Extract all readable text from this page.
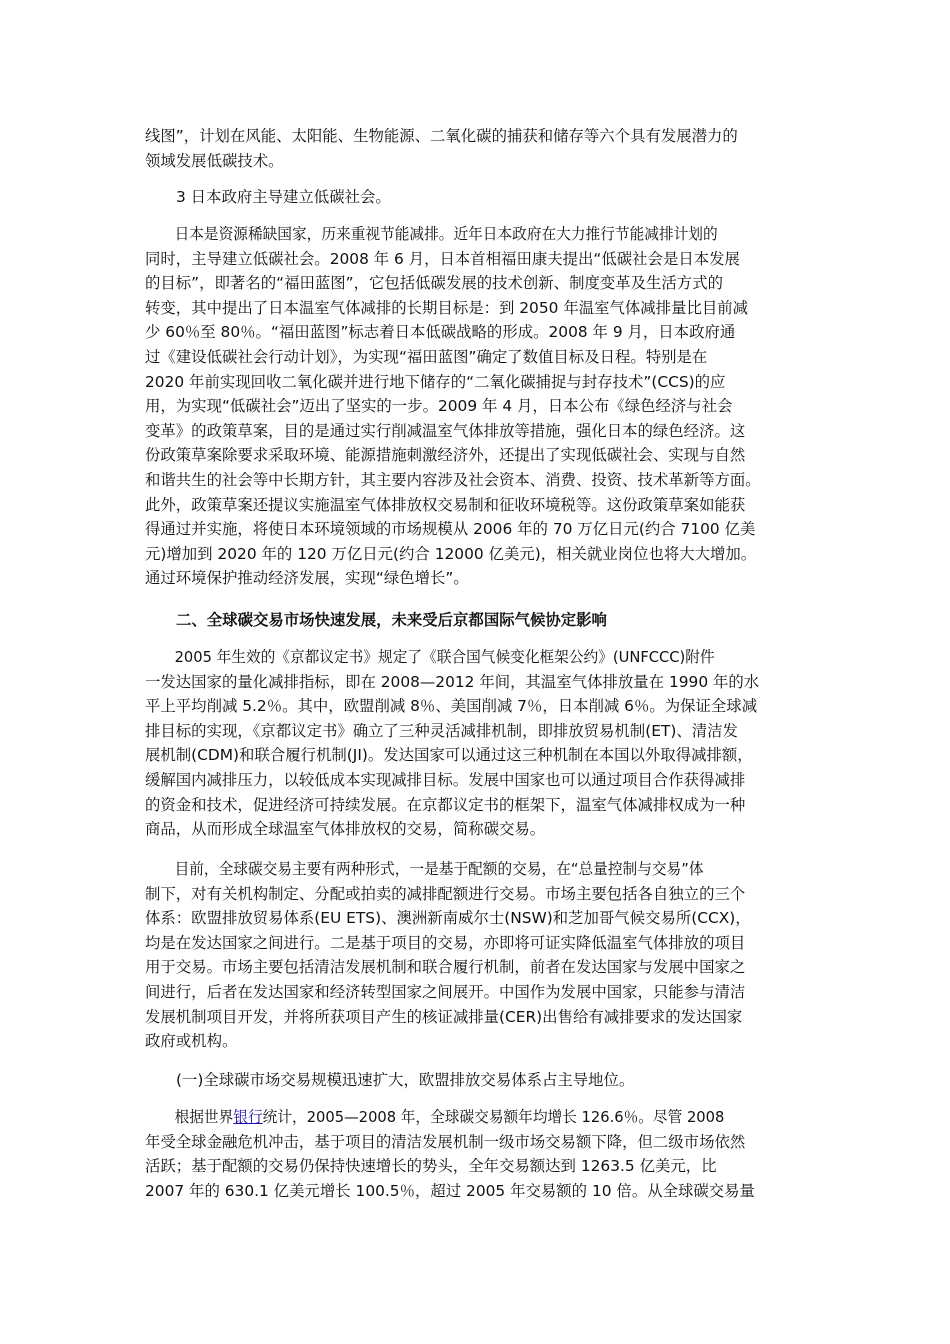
线图”，计划在风能、太阳能、生物能源、二氧化碳的捕获和储存等六个具有发展潜力的
领域发展低碳技术。
3 日本政府主导建立低碳社会。
日本是资源稀缺国家，历来重视节能减排。近年日本政府在大力推行节能减排计划的
同时，主导建立低碳社会。2008 年 6 月，日本首相福田康夫提出“低碳社会是日本发展
的目标”，即著名的“福田蓝图”，它包括低碳发展的技术创新、制度变革及生活方式的
转变，其中提出了日本温室气体减排的长期目标是：到 2050 年温室气体减排量比目前减
少 60％至 80％。“福田蓝图”标志着日本低碳战略的形成。2008 年 9 月，日本政府通
过《建设低碳社会行动计划》，为实现“福田蓝图”确定了数值目标及日程。特别是在
2020 年前实现回收二氧化碳并进行地下储存的“二氧化碳捕捉与封存技术”(CCS)的应
用，为实现“低碳社会”迈出了坚实的一步。2009 年 4 月，日本公布《绿色经济与社会
变革》的政策草案，目的是通过实行削减温室气体排放等措施，强化日本的绿色经济。这
份政策草案除要求采取环境、能源措施刺激经济外，还提出了实现低碳社会、实现与自然
和谐共生的社会等中长期方针，其主要内容涉及社会资本、消费、投资、技术革新等方面。
此外，政策草案还提议实施温室气体排放权交易制和征收环境税等。这份政策草案如能获
得通过并实施，将使日本环境领域的市场规模从 2006 年的 70 万亿日元(约合 7100 亿美
元)增加到 2020 年的 120 万亿日元(约合 12000 亿美元)，相关就业岗位也将大大增加。
通过环境保护推动经济发展，实现“绿色增长”。
二、全球碳交易市场快速发展，未来受后京都国际气候协定影响
2005 年生效的《京都议定书》规定了《联合国气候变化框架公约》(UNFCCC)附件
一发达国家的量化减排指标，即在 2008—2012 年间，其温室气体排放量在 1990 年的水
平上平均削减 5.2％。其中，欧盟削减 8％、美国削减 7％，日本削减 6％。为保证全球减
排目标的实现，《京都议定书》确立了三种灵活减排机制，即排放贸易机制(ET)、清洁发
展机制(CDM)和联合履行机制(JI)。发达国家可以通过这三种机制在本国以外取得减排额，
缓解国内减排压力，以较低成本实现减排目标。发展中国家也可以通过项目合作获得减排
的资金和技术，促进经济可持续发展。在京都议定书的框架下，温室气体减排权成为一种
商品，从而形成全球温室气体排放权的交易，简称碳交易。
目前，全球碳交易主要有两种形式，一是基于配额的交易，在“总量控制与交易”体
制下，对有关机构制定、分配或拍卖的减排配额进行交易。市场主要包括各自独立的三个
体系：欧盟排放贸易体系(EU ETS)、澳洲新南威尔士(NSW)和芝加哥气候交易所(CCX)，
均是在发达国家之间进行。二是基于项目的交易，亦即将可证实降低温室气体排放的项目
用于交易。市场主要包括清洁发展机制和联合履行机制，前者在发达国家与发展中国家之
间进行，后者在发达国家和经济转型国家之间展开。中国作为发展中国家，只能参与清洁
发展机制项目开发，并将所获项目产生的核证减排量(CER)出售给有减排要求的发达国家
政府或机构。
(一)全球碳市场交易规模迅速扩大，欧盟排放交易体系占主导地位。
根据世界银行统计，2005—2008 年，全球碳交易额年均增长 126.6％。尽管 2008
年受全球金融危机冲击，基于项目的清洁发展机制一级市场交易额下降，但二级市场依然
活跃；基于配额的交易仍保持快速增长的势头，全年交易额达到 1263.5 亿美元，比
2007 年的 630.1 亿美元增长 100.5％，超过 2005 年交易额的 10 倍。从全球碳交易量
